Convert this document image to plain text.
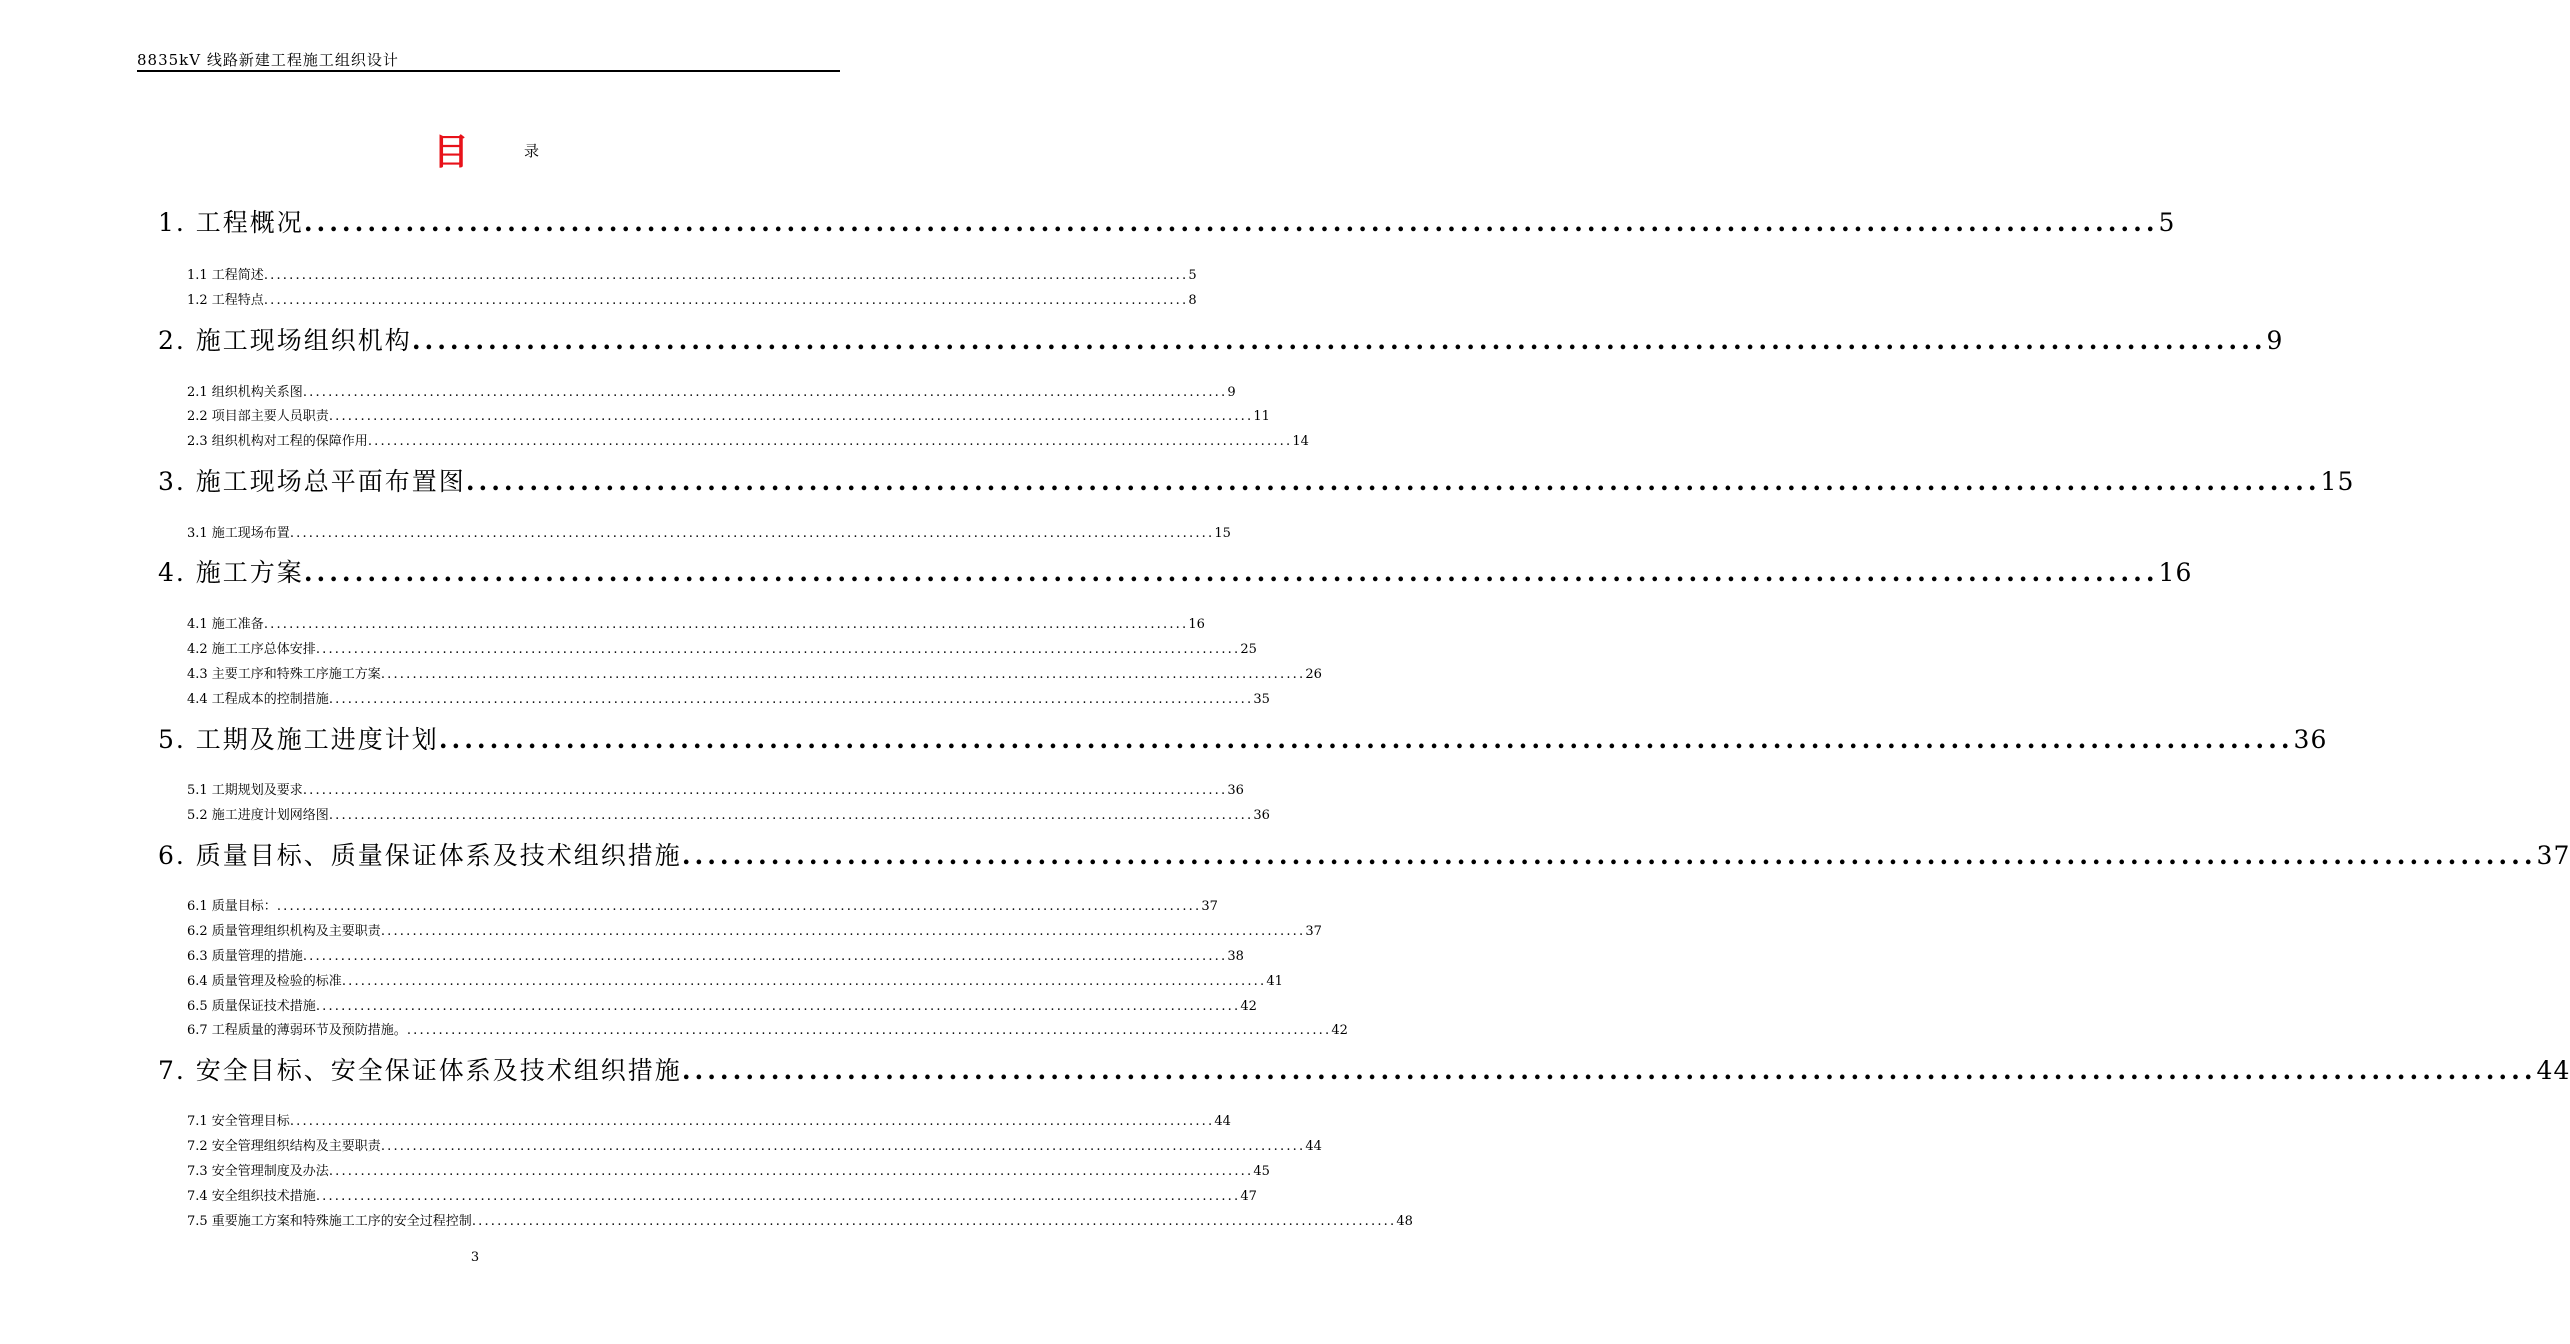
8835kV 线路新建工程施工组织设计
目	录
1. 工程概况 .................................................................................................................................................. 5
1.1 工程简述 .................................................................................................................................................. 5
1.2 工程特点 .................................................................................................................................................. 8
2. 施工现场组织机构 .................................................................................................................................................. 9
2.1 组织机构关系图 .................................................................................................................................................. 9
2.2 项目部主要人员职责 .................................................................................................................................................. 11
2.3 组织机构对工程的保障作用 .................................................................................................................................................. 14
3. 施工现场总平面布置图 .................................................................................................................................................. 15
3.1 施工现场布置 .................................................................................................................................................. 15
4. 施工方案 .................................................................................................................................................. 16
4.1 施工准备 .................................................................................................................................................. 16
4.2 施工工序总体安排 .................................................................................................................................................. 25
4.3 主要工序和特殊工序施工方案 .................................................................................................................................................. 26
4.4 工程成本的控制措施 .................................................................................................................................................. 35
5. 工期及施工进度计划 .................................................................................................................................................. 36
5.1 工期规划及要求 .................................................................................................................................................. 36
5.2 施工进度计划网络图 .................................................................................................................................................. 36
6. 质量目标、质量保证体系及技术组织措施 .................................................................................................................................................. 37
6.1 质量目标： .................................................................................................................................................. 37
6.2 质量管理组织机构及主要职责 .................................................................................................................................................. 37
6.3 质量管理的措施 .................................................................................................................................................. 38
6.4 质量管理及检验的标准 .................................................................................................................................................. 41
6.5 质量保证技术措施 .................................................................................................................................................. 42
6.7 工程质量的薄弱环节及预防措施。 .................................................................................................................................................. 42
7. 安全目标、安全保证体系及技术组织措施 .................................................................................................................................................. 44
7.1 安全管理目标 .................................................................................................................................................. 44
7.2 安全管理组织结构及主要职责 .................................................................................................................................................. 44
7.3 安全管理制度及办法 .................................................................................................................................................. 45
7.4 安全组织技术措施 .................................................................................................................................................. 47
7.5 重要施工方案和特殊施工工序的安全过程控制 .................................................................................................................................................. 48
3
